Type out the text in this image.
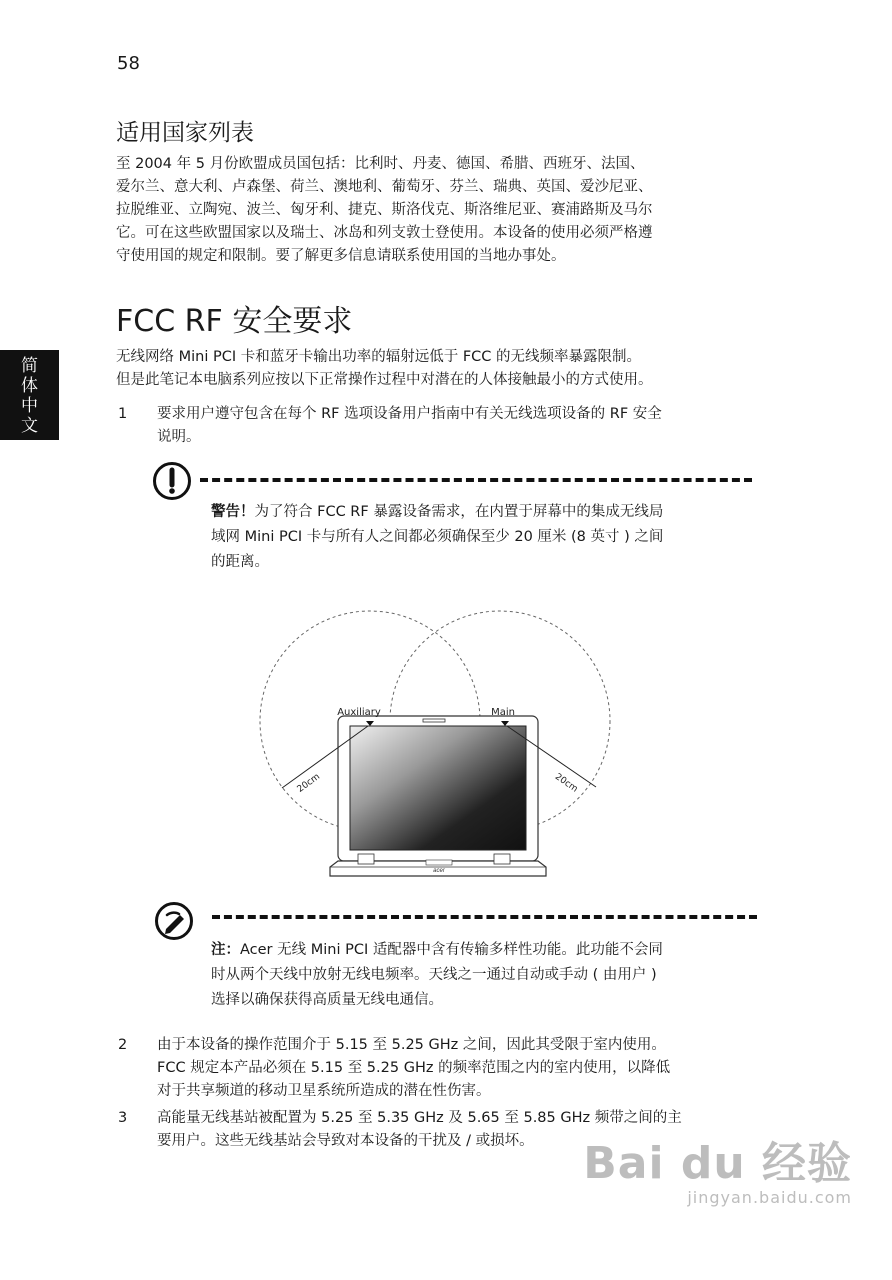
58
简
体
中
文
适用国家列表
至 2004 年 5 月份欧盟成员国包括：比利时、丹麦、德国、希腊、西班牙、法国、
爱尔兰、意大利、卢森堡、荷兰、澳地利、葡萄牙、芬兰、瑞典、英国、爱沙尼亚、
拉脱维亚、立陶宛、波兰、匈牙利、捷克、斯洛伐克、斯洛维尼亚、赛浦路斯及马尔
它。可在这些欧盟国家以及瑞士、冰岛和列支敦士登使用。本设备的使用必须严格遵
守使用国的规定和限制。要了解更多信息请联系使用国的当地办事处。
FCC RF 安全要求
无线网络 Mini PCI 卡和蓝牙卡输出功率的辐射远低于 FCC 的无线频率暴露限制。
但是此笔记本电脑系列应按以下正常操作过程中对潜在的人体接触最小的方式使用。
1 要求用户遵守包含在每个 RF 选项设备用户指南中有关无线选项设备的 RF 安全
说明。
警告！为了符合 FCC RF 暴露设备需求，在内置于屏幕中的集成无线局
域网 Mini PCI 卡与所有人之间都必须确保至少 20 厘米 (8 英寸 ) 之间
的距离。
acer
Auxiliary	Main
20cm	20cm
注：Acer 无线 Mini PCI 适配器中含有传输多样性功能。此功能不会同
时从两个天线中放射无线电频率。天线之一通过自动或手动 ( 由用户 )
选择以确保获得高质量无线电通信。
2 由于本设备的操作范围介于 5.15 至 5.25 GHz 之间，因此其受限于室内使用。
FCC 规定本产品必须在 5.15 至 5.25 GHz 的频率范围之内的室内使用，以降低
对于共享频道的移动卫星系统所造成的潜在性伤害。
3 高能量无线基站被配置为 5.25 至 5.35 GHz 及 5.65 至 5.85 GHz 频带之间的主
要用户。这些无线基站会导致对本设备的干扰及 / 或损坏。	Bai du 经验
jingyan.baidu.com
